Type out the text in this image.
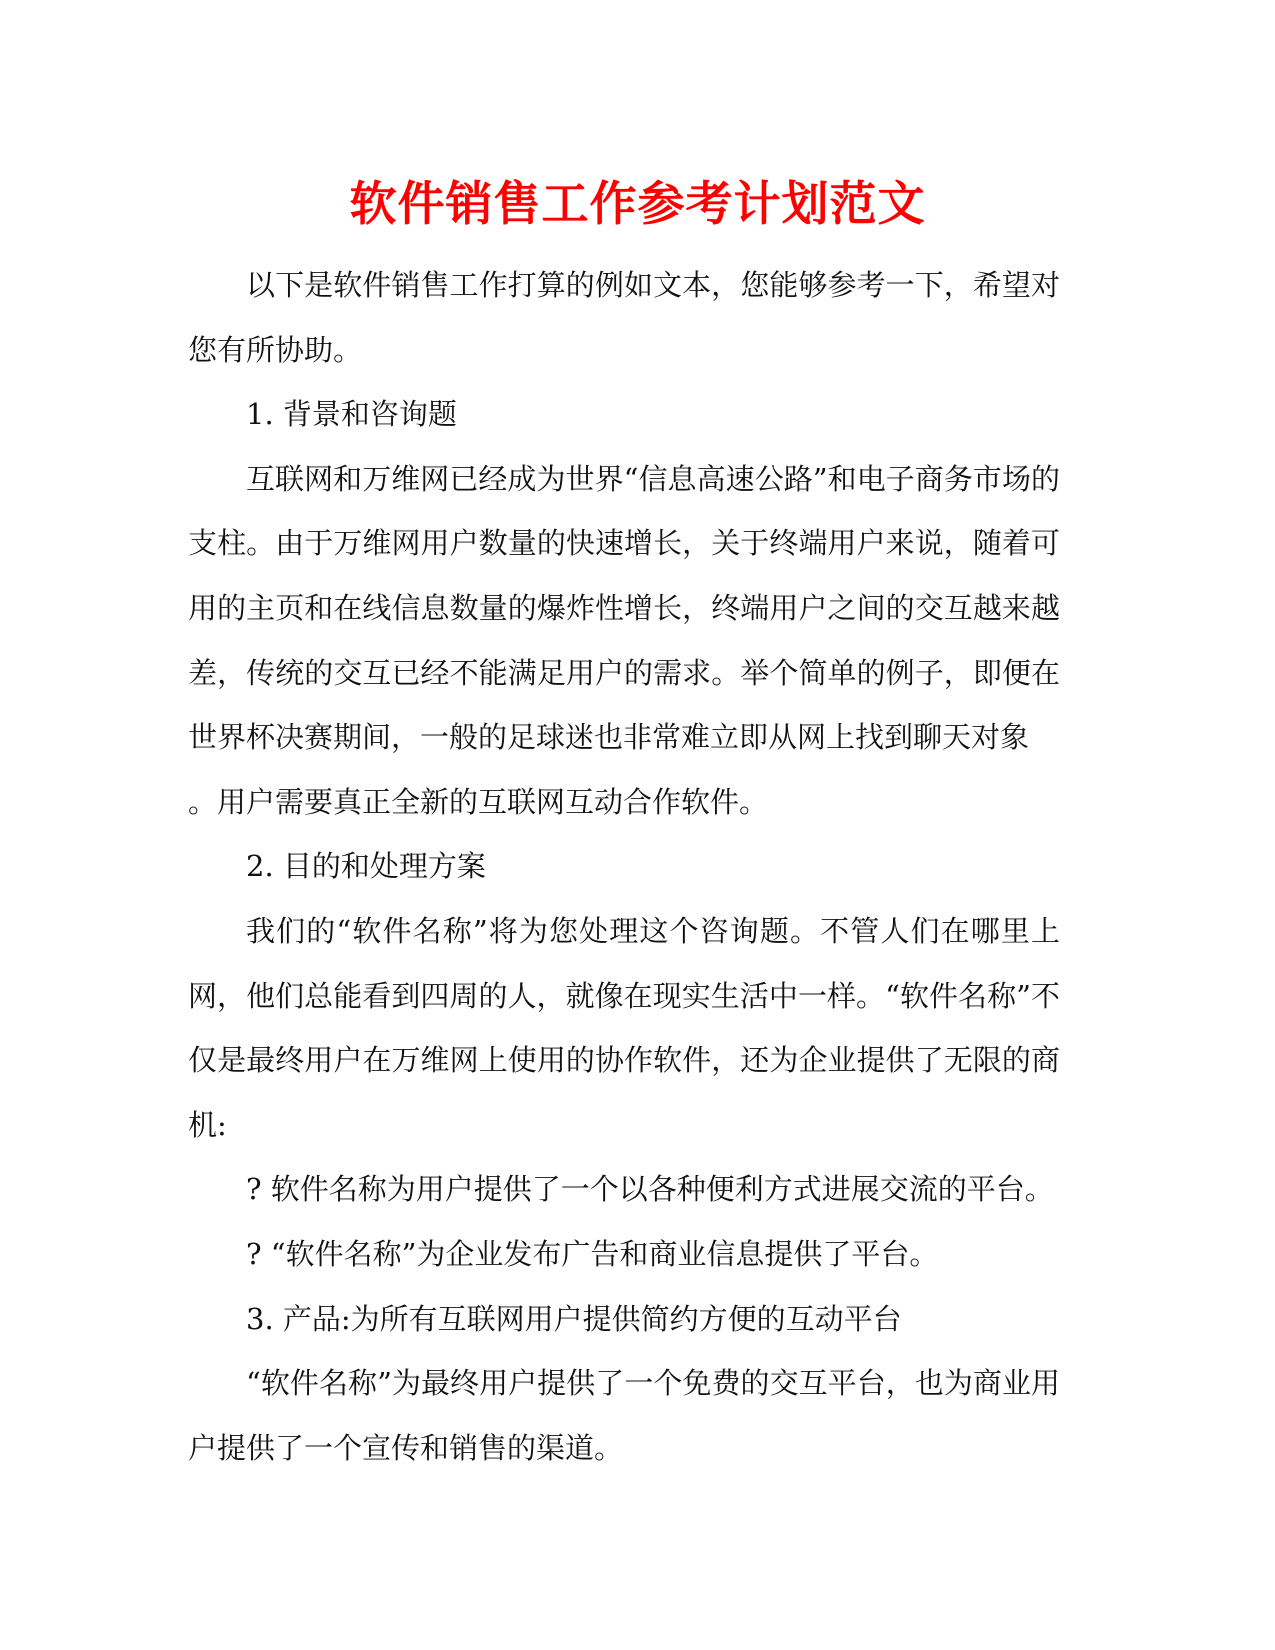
软件销售工作参考计划范文

以下是软件销售工作打算的例如文本，您能够参考一下，希望对您有所协助。

1. 背景和咨询题

互联网和万维网已经成为世界“信息高速公路”和电子商务市场的支柱。由于万维网用户数量的快速增长，关于终端用户来说，随着可用的主页和在线信息数量的爆炸性增长，终端用户之间的交互越来越差，传统的交互已经不能满足用户的需求。举个简单的例子，即便在世界杯决赛期间，一般的足球迷也非常难立即从网上找到聊天对象

。用户需要真正全新的互联网互动合作软件。

2. 目的和处理方案

我们的“软件名称”将为您处理这个咨询题。不管人们在哪里上网，他们总能看到四周的人，就像在现实生活中一样。“软件名称”不仅是最终用户在万维网上使用的协作软件，还为企业提供了无限的商机:

? 软件名称为用户提供了一个以各种便利方式进展交流的平台。

? “软件名称”为企业发布广告和商业信息提供了平台。

3. 产品:为所有互联网用户提供简约方便的互动平台

“软件名称”为最终用户提供了一个免费的交互平台，也为商业用户提供了一个宣传和销售的渠道。
